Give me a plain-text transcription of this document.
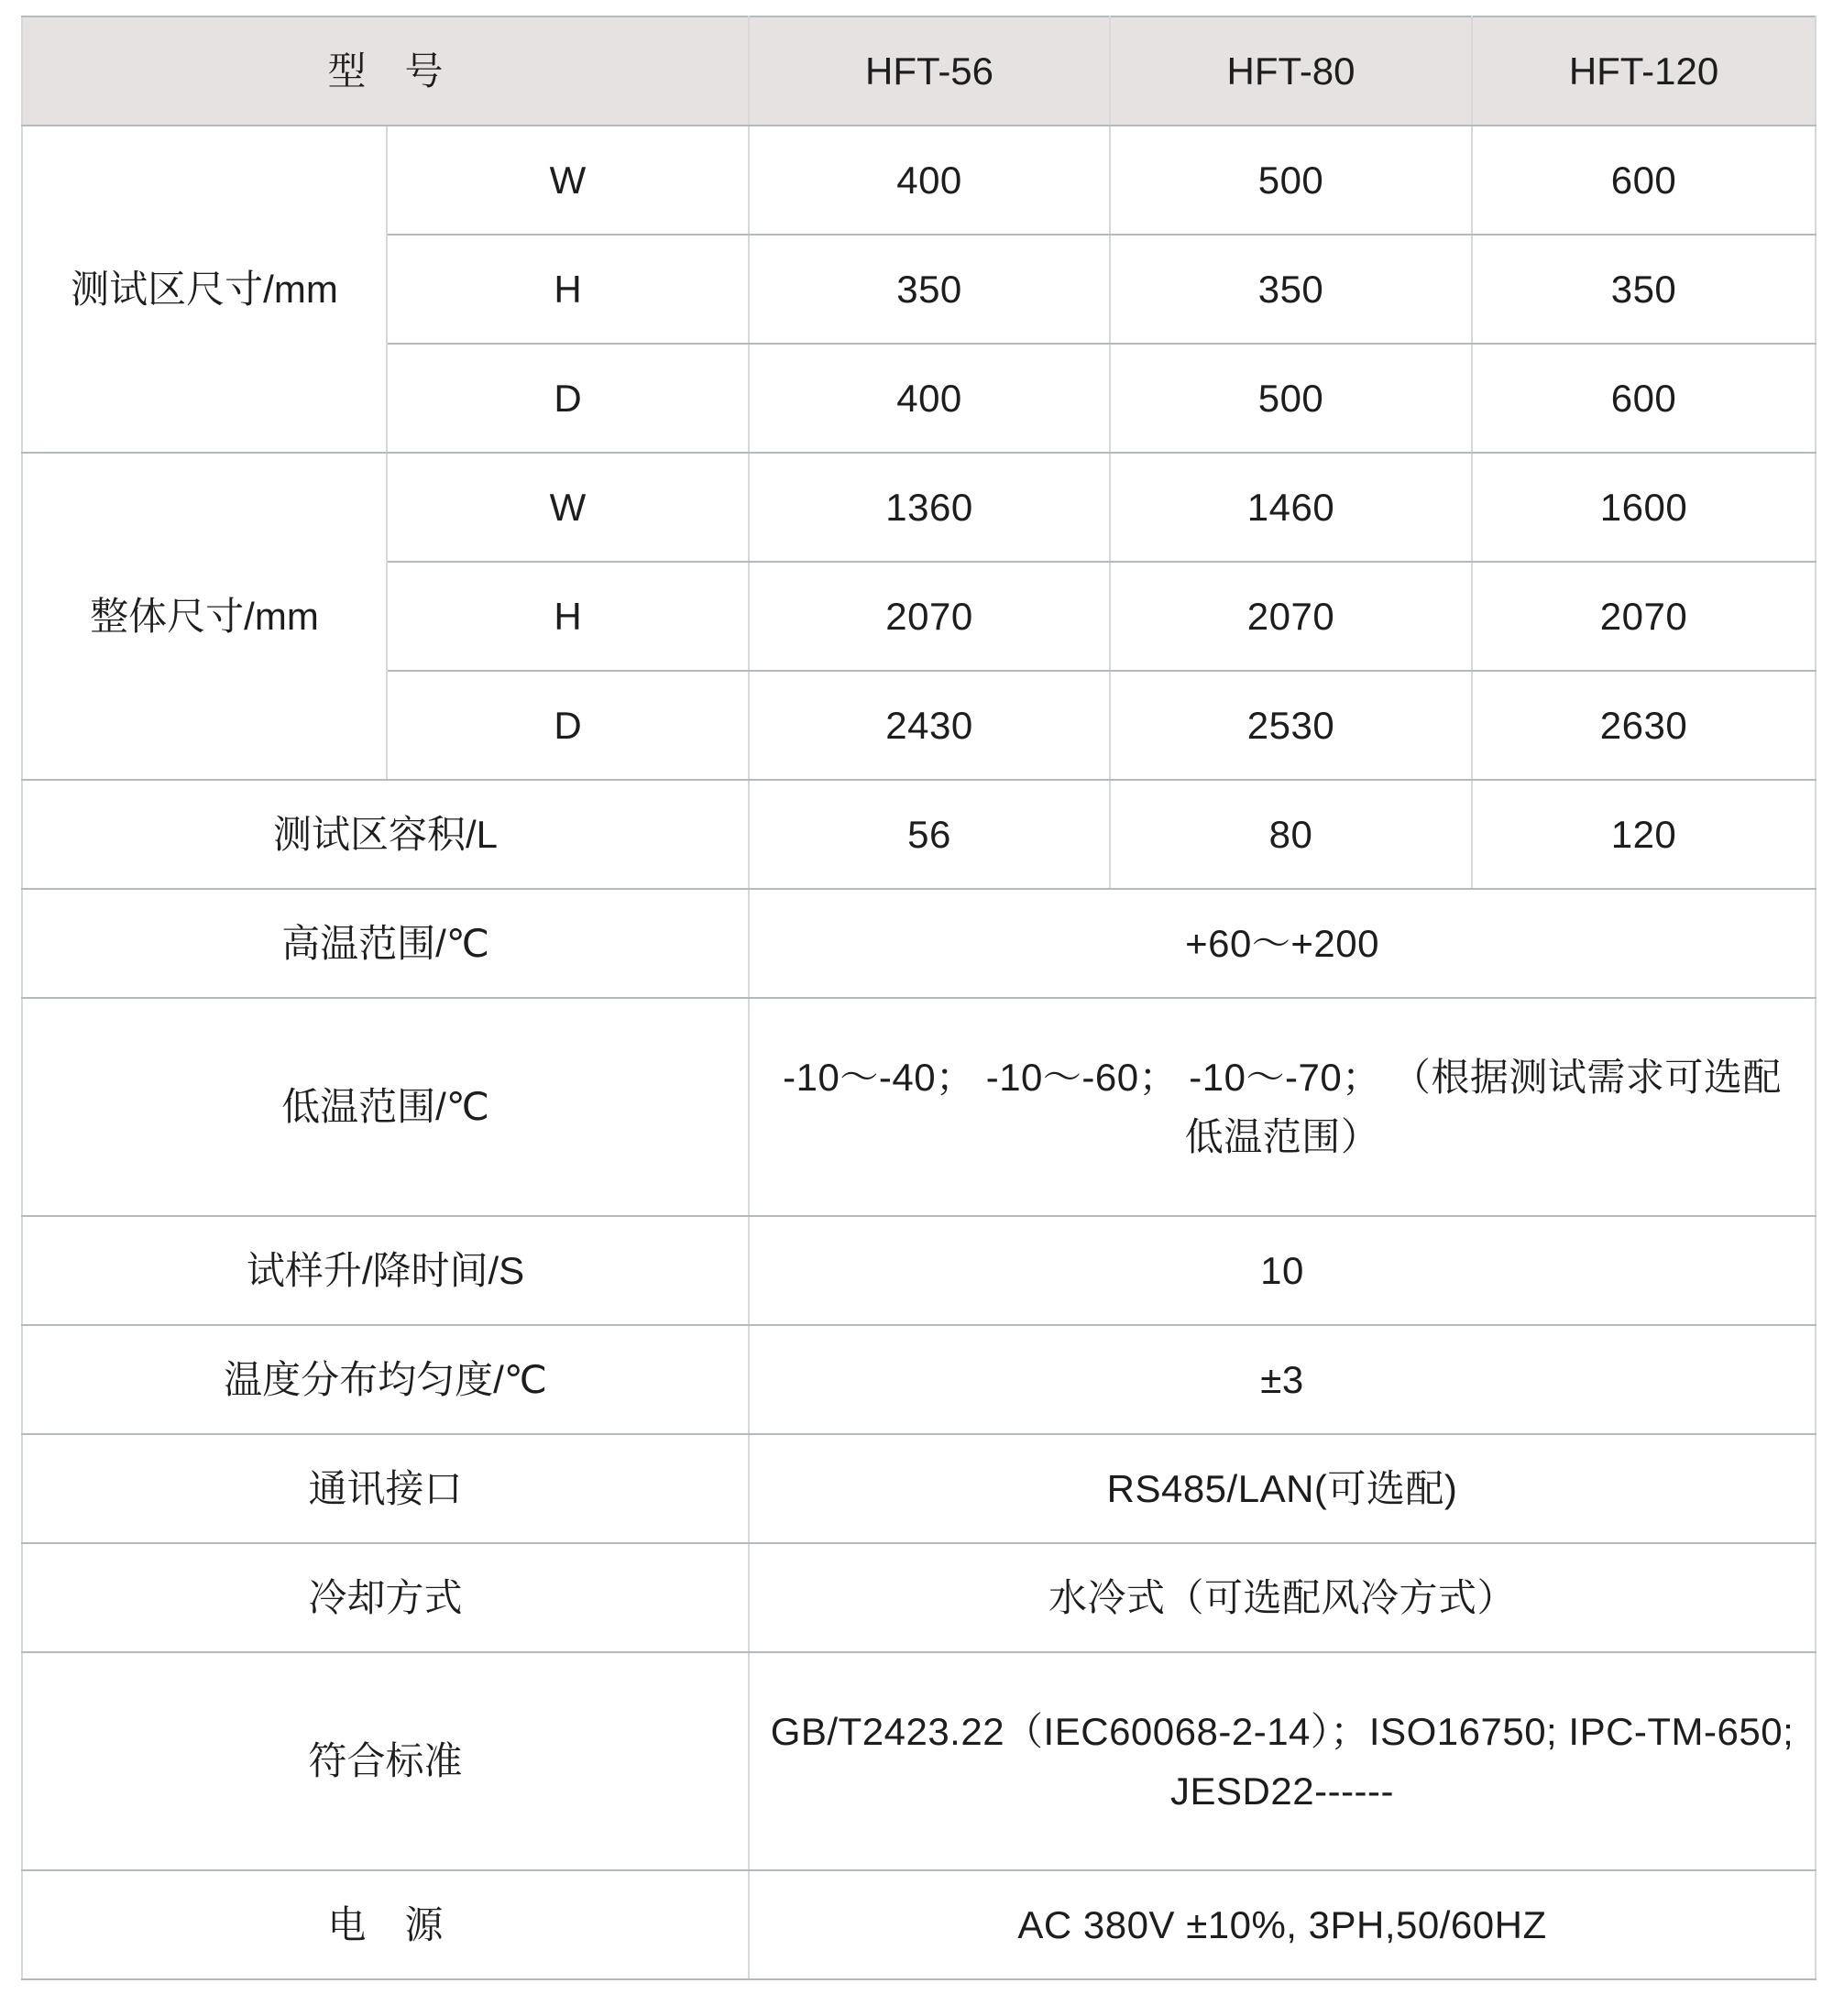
型　号		HFT-56	HFT-80	HFT-120
测试区尺寸/mm	W	400	500	600
	H	350	350	350
	D	400	500	600
整体尺寸/mm	W	1360	1460	1600
	H	2070	2070	2070
	D	2430	2530	2630
测试区容积/L		56	80	120
高温范围/℃		+60～+200		
低温范围/℃		-10～-40； -10～-60； -10～-70； （根据测试需求可选配低温范围）		
试样升/降时间/S		10		
温度分布均匀度/℃		±3		
通讯接口		RS485/LAN(可选配)		
冷却方式		水冷式（可选配风冷方式）		
符合标准		GB/T2423.22（IEC60068-2-14）；ISO16750; IPC-TM-650; JESD22------		
电　源		AC 380V ±10%, 3PH,50/60HZ		
